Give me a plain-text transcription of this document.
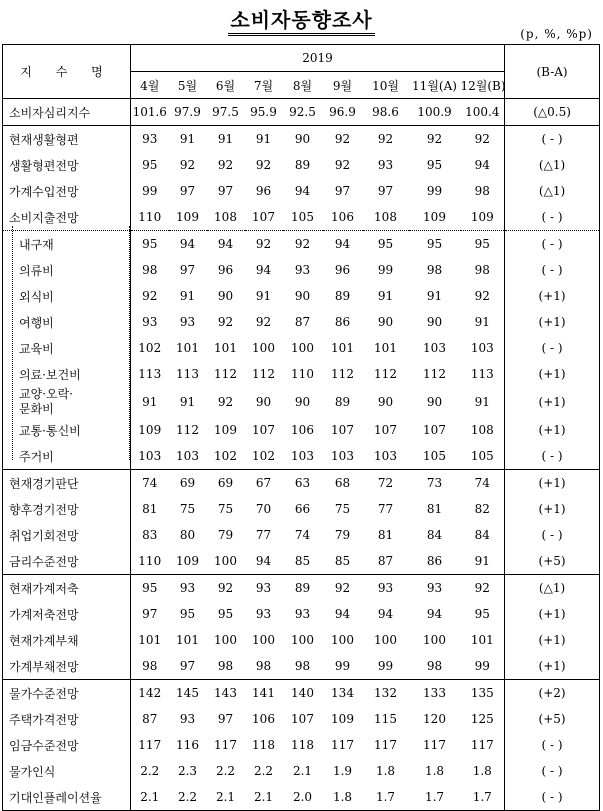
소비자동향조사
(p, %, %p)
지 수 명	2019									(B-A)
	4월	5월	6월	7월	8월	9월	10월	11월(A)	12월(B)	
소비자심리지수	101.6	97.9	97.5	95.9	92.5	96.9	98.6	100.9	100.4	(△0.5)
현재생활형편	93	91	91	91	90	92	92	92	92	( - )
생활형편전망	95	92	92	92	89	92	93	95	94	(△1)
가계수입전망	99	97	97	96	94	97	97	99	98	(△1)
소비지출전망	110	109	108	107	105	106	108	109	109	( - )
내구재	95	94	94	92	92	94	95	95	95	( - )
의류비	98	97	96	94	93	96	99	98	98	( - )
외식비	92	91	90	91	90	89	91	91	92	(+1)
여행비	93	93	92	92	87	86	90	90	91	(+1)
교육비	102	101	101	100	100	101	101	103	103	( - )
의료·보건비	113	113	112	112	110	112	112	112	113	(+1)

교양·오락·
문화비	91	91	92	90	90	89	90	90	91	(+1)
교통·통신비	109	112	109	107	106	107	107	107	108	(+1)
주거비	103	103	102	102	103	103	103	105	105	( - )
현재경기판단	74	69	69	67	63	68	72	73	74	(+1)
향후경기전망	81	75	75	70	66	75	77	81	82	(+1)
취업기회전망	83	80	79	77	74	79	81	84	84	( - )
금리수준전망	110	109	100	94	85	85	87	86	91	(+5)
현재가계저축	95	93	92	93	89	92	93	93	92	(△1)
가계저축전망	97	95	95	93	93	94	94	94	95	(+1)
현재가계부채	101	101	100	100	100	100	100	100	101	(+1)
가계부채전망	98	97	98	98	98	99	99	98	99	(+1)
물가수준전망	142	145	143	141	140	134	132	133	135	(+2)
주택가격전망	87	93	97	106	107	109	115	120	125	(+5)
임금수준전망	117	116	117	118	118	117	117	117	117	( - )
물가인식	2.2	2.3	2.2	2.2	2.1	1.9	1.8	1.8	1.8	( - )
기대인플레이션율	2.1	2.2	2.1	2.1	2.0	1.8	1.7	1.7	1.7	( - )
